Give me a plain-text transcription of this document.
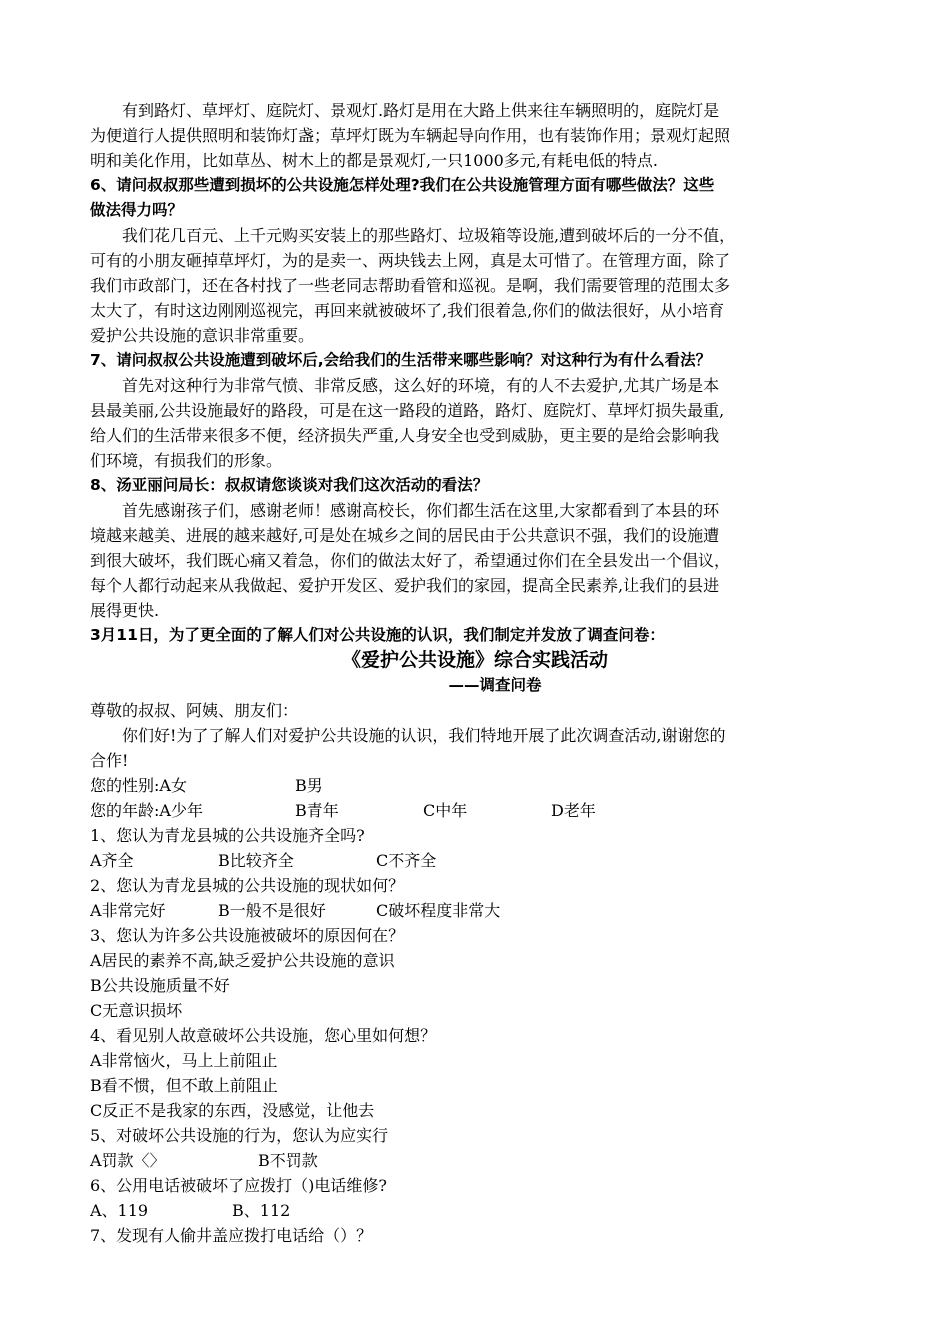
有到路灯、草坪灯、庭院灯、景观灯.路灯是用在大路上供来往车辆照明的，庭院灯是
为便道行人提供照明和装饰灯盏；草坪灯既为车辆起导向作用，也有装饰作用；景观灯起照
明和美化作用，比如草丛、树木上的都是景观灯,一只1000多元,有耗电低的特点.
6、请问叔叔那些遭到损坏的公共设施怎样处理?我们在公共设施管理方面有哪些做法？这些
做法得力吗？
我们花几百元、上千元购买安装上的那些路灯、垃圾箱等设施,遭到破坏后的一分不值，
可有的小朋友砸掉草坪灯，为的是卖一、两块钱去上网，真是太可惜了。在管理方面，除了
我们市政部门，还在各村找了一些老同志帮助看管和巡视。是啊，我们需要管理的范围太多
太大了，有时这边刚刚巡视完，再回来就被破坏了,我们很着急,你们的做法很好，从小培育
爱护公共设施的意识非常重要。
7、请问叔叔公共设施遭到破坏后,会给我们的生活带来哪些影响？对这种行为有什么看法？
首先对这种行为非常气愤、非常反感，这么好的环境，有的人不去爱护,尤其广场是本
县最美丽,公共设施最好的路段，可是在这一路段的道路，路灯、庭院灯、草坪灯损失最重,
给人们的生活带来很多不便，经济损失严重,人身安全也受到威胁，更主要的是给会影响我
们环境，有损我们的形象。
8、汤亚丽问局长：叔叔请您谈谈对我们这次活动的看法？
首先感谢孩子们，感谢老师！感谢高校长，你们都生活在这里,大家都看到了本县的环
境越来越美、进展的越来越好,可是处在城乡之间的居民由于公共意识不强，我们的设施遭
到很大破坏，我们既心痛又着急，你们的做法太好了，希望通过你们在全县发出一个倡议，
每个人都行动起来从我做起、爱护开发区、爱护我们的家园，提高全民素养,让我们的县进
展得更快.
3月11日，为了更全面的了解人们对公共设施的认识，我们制定并发放了调查问卷：
《爱护公共设施》综合实践活动
——调查问卷
尊敬的叔叔、阿姨、朋友们：
你们好!为了了解人们对爱护公共设施的认识，我们特地开展了此次调查活动,谢谢您的
合作!
您的性别:A女	B男
您的年龄:A少年	B青年	C中年	D老年
1、您认为青龙县城的公共设施齐全吗?
A齐全	B比较齐全	C不齐全
2、您认为青龙县城的公共设施的现状如何？
A非常完好	B一般不是很好	C破坏程度非常大
3、您认为许多公共设施被破坏的原因何在？
A居民的素养不高,缺乏爱护公共设施的意识
B公共设施质量不好
C无意识损坏
4、看见别人故意破坏公共设施，您心里如何想？
A非常恼火，马上上前阻止
B看不惯，但不敢上前阻止
C反正不是我家的东西，没感觉，让他去
5、对破坏公共设施的行为，您认为应实行
A罚款〈〉	B不罚款
6、公用电话被破坏了应拨打（)电话维修?
A、119	B、112
7、发现有人偷井盖应拨打电话给（）？
